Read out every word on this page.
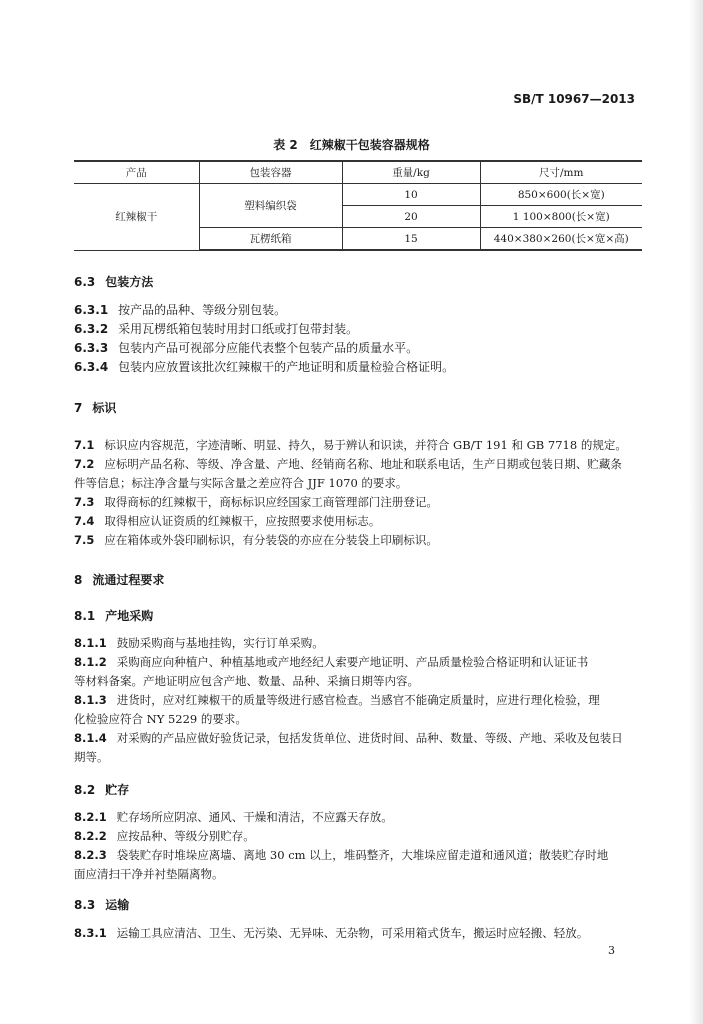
SB/T 10967—2013
表 2 红辣椒干包装容器规格
产品	包装容器	重量/kg	尺寸/mm
红辣椒干	塑料编织袋	10	850×600(长×宽)
		20	1 100×800(长×宽)
	瓦楞纸箱	15	440×380×260(长×宽×高)
6.3 包装方法
6.3.1 按产品的品种、等级分别包装。
6.3.2 采用瓦楞纸箱包装时用封口纸或打包带封装。
6.3.3 包装内产品可视部分应能代表整个包装产品的质量水平。
6.3.4 包装内应放置该批次红辣椒干的产地证明和质量检验合格证明。
7 标识
7.1 标识应内容规范，字迹清晰、明显、持久，易于辨认和识读，并符合 GB/T 191 和 GB 7718 的规定。
7.2 应标明产品名称、等级、净含量、产地、经销商名称、地址和联系电话，生产日期或包装日期、贮藏条
件等信息；标注净含量与实际含量之差应符合 JJF 1070 的要求。
7.3 取得商标的红辣椒干，商标标识应经国家工商管理部门注册登记。
7.4 取得相应认证资质的红辣椒干，应按照要求使用标志。
7.5 应在箱体或外袋印刷标识，有分装袋的亦应在分装袋上印刷标识。
8 流通过程要求
8.1 产地采购
8.1.1 鼓励采购商与基地挂钩，实行订单采购。
8.1.2 采购商应向种植户、种植基地或产地经纪人索要产地证明、产品质量检验合格证明和认证证书
等材料备案。产地证明应包含产地、数量、品种、采摘日期等内容。
8.1.3 进货时，应对红辣椒干的质量等级进行感官检查。当感官不能确定质量时，应进行理化检验，理
化检验应符合 NY 5229 的要求。
8.1.4 对采购的产品应做好验货记录，包括发货单位、进货时间、品种、数量、等级、产地、采收及包装日
期等。
8.2 贮存
8.2.1 贮存场所应阴凉、通风、干燥和清洁，不应露天存放。
8.2.2 应按品种、等级分别贮存。
8.2.3 袋装贮存时堆垛应离墙、离地 30 cm 以上，堆码整齐，大堆垛应留走道和通风道；散装贮存时地
面应清扫干净并衬垫隔离物。
8.3 运输
8.3.1 运输工具应清洁、卫生、无污染、无异味、无杂物，可采用箱式货车，搬运时应轻搬、轻放。
3
